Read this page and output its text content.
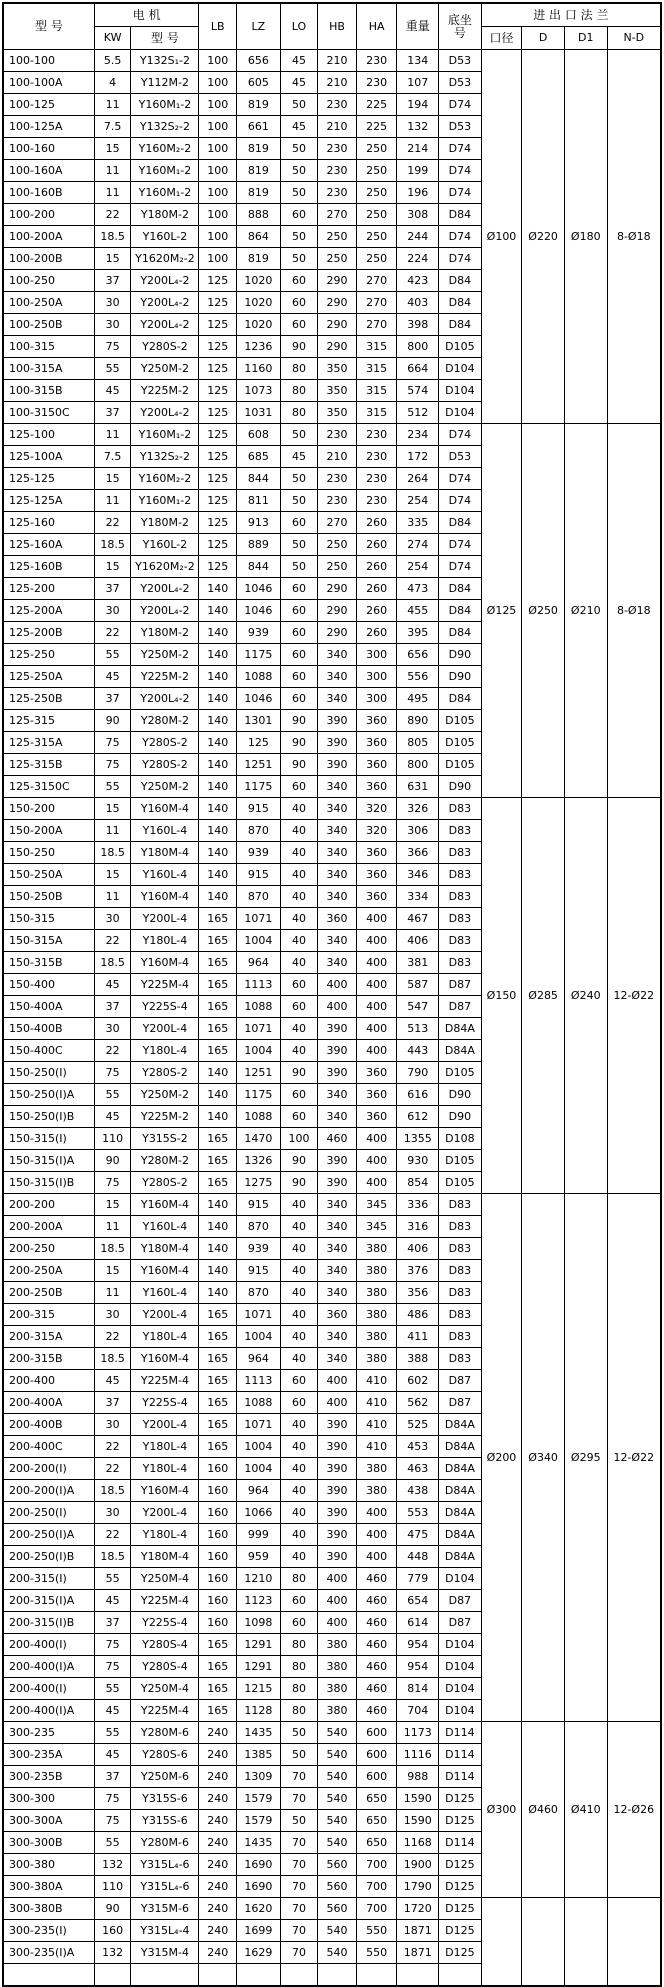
型 号	电 机		LB	LZ	LO	HB	HA	重量	底坐
号	进 出 口 法 兰			
	KW	型 号								口径	D	D1	N-D
100-100	5.5	Y132S₁-2	100	656	45	210	230	134	D53	Ø100	Ø220	Ø180	8-Ø18
100-100A	4	Y112M-2	100	605	45	210	230	107	D53				
100-125	11	Y160M₁-2	100	819	50	230	225	194	D74				
100-125A	7.5	Y132S₂-2	100	661	45	210	225	132	D53				
100-160	15	Y160M₂-2	100	819	50	230	250	214	D74				
100-160A	11	Y160M₁-2	100	819	50	230	250	199	D74				
100-160B	11	Y160M₁-2	100	819	50	230	250	196	D74				
100-200	22	Y180M-2	100	888	60	270	250	308	D84				
100-200A	18.5	Y160L-2	100	864	50	250	250	244	D74				
100-200B	15	Y1620M₂-2	100	819	50	250	250	224	D74				
100-250	37	Y200L₄-2	125	1020	60	290	270	423	D84				
100-250A	30	Y200L₄-2	125	1020	60	290	270	403	D84				
100-250B	30	Y200L₄-2	125	1020	60	290	270	398	D84				
100-315	75	Y280S-2	125	1236	90	290	315	800	D105				
100-315A	55	Y250M-2	125	1160	80	350	315	664	D104				
100-315B	45	Y225M-2	125	1073	80	350	315	574	D104				
100-3150C	37	Y200L₄-2	125	1031	80	350	315	512	D104				
125-100	11	Y160M₁-2	125	608	50	230	230	234	D74	Ø125	Ø250	Ø210	8-Ø18
125-100A	7.5	Y132S₂-2	125	685	45	210	230	172	D53				
125-125	15	Y160M₂-2	125	844	50	230	230	264	D74				
125-125A	11	Y160M₁-2	125	811	50	230	230	254	D74				
125-160	22	Y180M-2	125	913	60	270	260	335	D84				
125-160A	18.5	Y160L-2	125	889	50	250	260	274	D74				
125-160B	15	Y1620M₂-2	125	844	50	250	260	254	D74				
125-200	37	Y200L₄-2	140	1046	60	290	260	473	D84				
125-200A	30	Y200L₄-2	140	1046	60	290	260	455	D84				
125-200B	22	Y180M-2	140	939	60	290	260	395	D84				
125-250	55	Y250M-2	140	1175	60	340	300	656	D90				
125-250A	45	Y225M-2	140	1088	60	340	300	556	D90				
125-250B	37	Y200L₄-2	140	1046	60	340	300	495	D84				
125-315	90	Y280M-2	140	1301	90	390	360	890	D105				
125-315A	75	Y280S-2	140	125	90	390	360	805	D105				
125-315B	75	Y280S-2	140	1251	90	390	360	800	D105				
125-3150C	55	Y250M-2	140	1175	60	340	360	631	D90				
150-200	15	Y160M-4	140	915	40	340	320	326	D83	Ø150	Ø285	Ø240	12-Ø22
150-200A	11	Y160L-4	140	870	40	340	320	306	D83				
150-250	18.5	Y180M-4	140	939	40	340	360	366	D83				
150-250A	15	Y160L-4	140	915	40	340	360	346	D83				
150-250B	11	Y160M-4	140	870	40	340	360	334	D83				
150-315	30	Y200L-4	165	1071	40	360	400	467	D83				
150-315A	22	Y180L-4	165	1004	40	340	400	406	D83				
150-315B	18.5	Y160M-4	165	964	40	340	400	381	D83				
150-400	45	Y225M-4	165	1113	60	400	400	587	D87				
150-400A	37	Y225S-4	165	1088	60	400	400	547	D87				
150-400B	30	Y200L-4	165	1071	40	390	400	513	D84A				
150-400C	22	Y180L-4	165	1004	40	390	400	443	D84A				
150-250(I)	75	Y280S-2	140	1251	90	390	360	790	D105				
150-250(I)A	55	Y250M-2	140	1175	60	340	360	616	D90				
150-250(I)B	45	Y225M-2	140	1088	60	340	360	612	D90				
150-315(I)	110	Y315S-2	165	1470	100	460	400	1355	D108				
150-315(I)A	90	Y280M-2	165	1326	90	390	400	930	D105				
150-315(I)B	75	Y280S-2	165	1275	90	390	400	854	D105				
200-200	15	Y160M-4	140	915	40	340	345	336	D83	Ø200	Ø340	Ø295	12-Ø22
200-200A	11	Y160L-4	140	870	40	340	345	316	D83				
200-250	18.5	Y180M-4	140	939	40	340	380	406	D83				
200-250A	15	Y160M-4	140	915	40	340	380	376	D83				
200-250B	11	Y160L-4	140	870	40	340	380	356	D83				
200-315	30	Y200L-4	165	1071	40	360	380	486	D83				
200-315A	22	Y180L-4	165	1004	40	340	380	411	D83				
200-315B	18.5	Y160M-4	165	964	40	340	380	388	D83				
200-400	45	Y225M-4	165	1113	60	400	410	602	D87				
200-400A	37	Y225S-4	165	1088	60	400	410	562	D87				
200-400B	30	Y200L-4	165	1071	40	390	410	525	D84A				
200-400C	22	Y180L-4	165	1004	40	390	410	453	D84A				
200-200(I)	22	Y180L-4	160	1004	40	390	380	463	D84A				
200-200(I)A	18.5	Y160M-4	160	964	40	390	380	438	D84A				
200-250(I)	30	Y200L-4	160	1066	40	390	400	553	D84A				
200-250(I)A	22	Y180L-4	160	999	40	390	400	475	D84A				
200-250(I)B	18.5	Y180M-4	160	959	40	390	400	448	D84A				
200-315(I)	55	Y250M-4	160	1210	80	400	460	779	D104				
200-315(I)A	45	Y225M-4	160	1123	60	400	460	654	D87				
200-315(I)B	37	Y225S-4	160	1098	60	400	460	614	D87				
200-400(I)	75	Y280S-4	165	1291	80	380	460	954	D104				
200-400(I)A	75	Y280S-4	165	1291	80	380	460	954	D104				
200-400(I)	55	Y250M-4	165	1215	80	380	460	814	D104				
200-400(I)A	45	Y225M-4	165	1128	80	380	460	704	D104				
300-235	55	Y280M-6	240	1435	50	540	600	1173	D114	Ø300	Ø460	Ø410	12-Ø26
300-235A	45	Y280S-6	240	1385	50	540	600	1116	D114				
300-235B	37	Y250M-6	240	1309	70	540	600	988	D114				
300-300	75	Y315S-6	240	1579	70	540	650	1590	D125				
300-300A	75	Y315S-6	240	1579	50	540	650	1590	D125				
300-300B	55	Y280M-6	240	1435	70	540	650	1168	D114				
300-380	132	Y315L₄-6	240	1690	70	560	700	1900	D125				
300-380A	110	Y315L₄-6	240	1690	70	560	700	1790	D125				
300-380B	90	Y315M-6	240	1620	70	560	700	1720	D125				
300-235(I)	160	Y315L₄-4	240	1699	70	540	550	1871	D125				
300-235(I)A	132	Y315M-4	240	1629	70	540	550	1871	D125				
